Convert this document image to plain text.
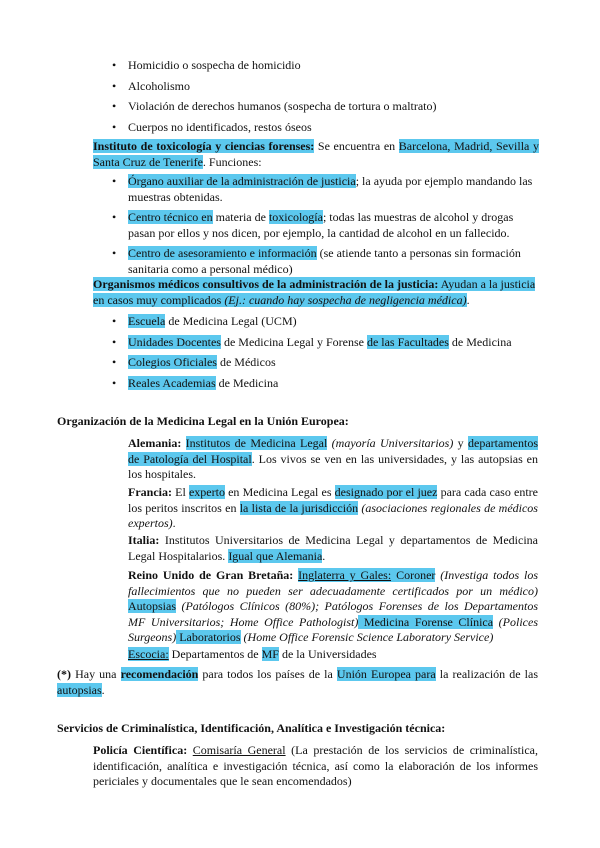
• Homicidio o sospecha de homicidio
• Alcoholismo
• Violación de derechos humanos (sospecha de tortura o maltrato)
• Cuerpos no identificados, restos óseos
Instituto de toxicología y ciencias forenses: Se encuentra en Barcelona, Madrid, Sevilla y Santa Cruz de Tenerife. Funciones:
• Órgano auxiliar de la administración de justicia; la ayuda por ejemplo mandando las muestras obtenidas.
• Centro técnico en materia de toxicología; todas las muestras de alcohol y drogas pasan por ellos y nos dicen, por ejemplo, la cantidad de alcohol en un fallecido.
• Centro de asesoramiento e información (se atiende tanto a personas sin formación sanitaria como a personal médico)
Organismos médicos consultivos de la administración de la justicia: Ayudan a la justicia en casos muy complicados (Ej.: cuando hay sospecha de negligencia médica).
• Escuela de Medicina Legal (UCM)
• Unidades Docentes de Medicina Legal y Forense de las Facultades de Medicina
• Colegios Oficiales de Médicos
• Reales Academias de Medicina
Organización de la Medicina Legal en la Unión Europea:
Alemania: Institutos de Medicina Legal (mayoría Universitarios) y departamentos de Patología del Hospital. Los vivos se ven en las universidades, y las autopsias en los hospitales.
Francia: El experto en Medicina Legal es designado por el juez para cada caso entre los peritos inscritos en la lista de la jurisdicción (asociaciones regionales de médicos expertos).
Italia: Institutos Universitarios de Medicina Legal y departamentos de Medicina Legal Hospitalarios. Igual que Alemania.
Reino Unido de Gran Bretaña: Inglaterra y Gales: Coroner (Investiga todos los fallecimientos que no pueden ser adecuadamente certificados por un médico) Autopsias (Patólogos Clínicos (80%); Patólogos Forenses de los Departamentos MF Universitarios; Home Office Pathologist) Medicina Forense Clínica (Polices Surgeons) Laboratorios (Home Office Forensic Science Laboratory Service)
Escocia: Departamentos de MF de la Universidades
(*) Hay una recomendación para todos los países de la Unión Europea para la realización de las autopsias.
Servicios de Criminalística, Identificación, Analítica e Investigación técnica:
Policía Científica: Comisaría General (La prestación de los servicios de criminalística, identificación, analítica e investigación técnica, así como la elaboración de los informes periciales y documentales que le sean encomendados)
